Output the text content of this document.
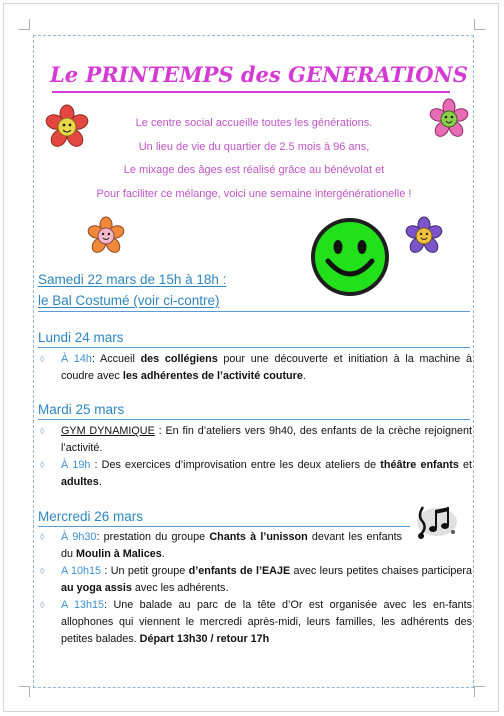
Le PRINTEMPS des GENERATIONS
Le centre social accueille toutes les générations.
Un lieu de vie du quartier de 2.5 mois à 96 ans,
Le mixage des âges est réalisé grâce au bénévolat et
Pour faciliter ce mélange, voici une semaine intergénérationelle !
Samedi 22 mars de 15h à 18h :
le Bal Costumé (voir ci-contre)
Lundi 24 mars
◊ À 14h: Accueil des collégiens pour une découverte et initiation à la machine à coudre avec les adhérentes de l’activité couture.
Mardi 25 mars
◊ GYM DYNAMIQUE : En fin d’ateliers vers 9h40, des enfants de la crèche rejoignent l’activité.
◊ À 19h : Des exercices d’improvisation entre les deux ateliers de théâtre enfants et adultes.
Mercredi 26 mars
◊ À 9h30: prestation du groupe Chants à l’unisson devant les enfants du Moulin à Malices.
◊ A 10h15 : Un petit groupe d’enfants de l’EAJE avec leurs petites chaises participera au yoga assis avec les adhérents.
◊ A 13h15: Une balade au parc de la tête d’Or est organisée avec les en-fants allophones qui viennent le mercredi après-midi, leurs familles, les adhérents des petites balades. Départ 13h30 / retour 17h
